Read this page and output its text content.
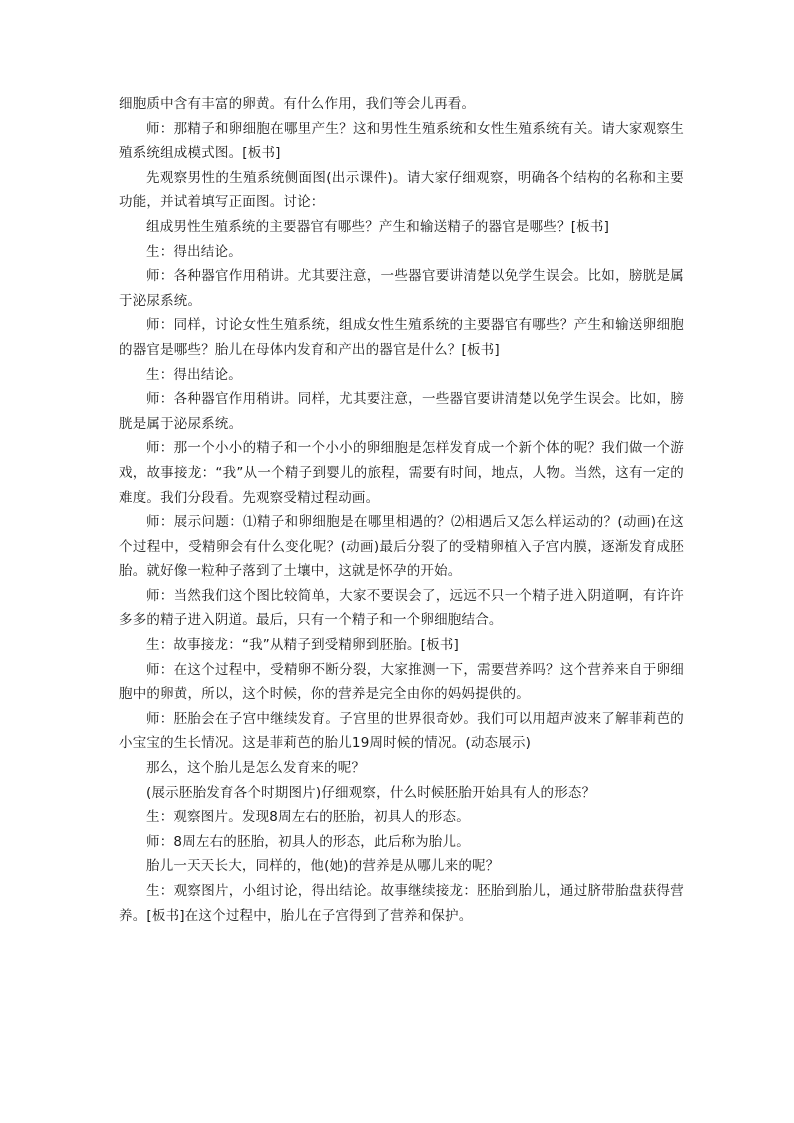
细胞质中含有丰富的卵黄。有什么作用，我们等会儿再看。

师：那精子和卵细胞在哪里产生？这和男性生殖系统和女性生殖系统有关。请大家观察生殖系统组成模式图。[板书]

先观察男性的生殖系统侧面图(出示课件)。请大家仔细观察，明确各个结构的名称和主要功能，并试着填写正面图。讨论：

组成男性生殖系统的主要器官有哪些？产生和输送精子的器官是哪些？[板书]

生：得出结论。

师：各种器官作用稍讲。尤其要注意，一些器官要讲清楚以免学生误会。比如，膀胱是属于泌尿系统。

师：同样，讨论女性生殖系统，组成女性生殖系统的主要器官有哪些？产生和输送卵细胞的器官是哪些？胎儿在母体内发育和产出的器官是什么？[板书]

生：得出结论。

师：各种器官作用稍讲。同样，尤其要注意，一些器官要讲清楚以免学生误会。比如，膀胱是属于泌尿系统。

师：那一个小小的精子和一个小小的卵细胞是怎样发育成一个新个体的呢？我们做一个游戏，故事接龙：“我”从一个精子到婴儿的旅程，需要有时间，地点，人物。当然，这有一定的难度。我们分段看。先观察受精过程动画。

师：展示问题：⑴精子和卵细胞是在哪里相遇的？⑵相遇后又怎么样运动的？(动画)在这个过程中，受精卵会有什么变化呢？(动画)最后分裂了的受精卵植入子宫内膜，逐渐发育成胚胎。就好像一粒种子落到了土壤中，这就是怀孕的开始。

师：当然我们这个图比较简单，大家不要误会了，远远不只一个精子进入阴道啊，有许许多多的精子进入阴道。最后，只有一个精子和一个卵细胞结合。

生：故事接龙：“我”从精子到受精卵到胚胎。[板书]

师：在这个过程中，受精卵不断分裂，大家推测一下，需要营养吗？这个营养来自于卵细胞中的卵黄，所以，这个时候，你的营养是完全由你的妈妈提供的。

师：胚胎会在子宫中继续发育。子宫里的世界很奇妙。我们可以用超声波来了解菲莉芭的小宝宝的生长情况。这是菲莉芭的胎儿19周时候的情况。(动态展示)

那么，这个胎儿是怎么发育来的呢？

(展示胚胎发育各个时期图片)仔细观察，什么时候胚胎开始具有人的形态？

生：观察图片。发现8周左右的胚胎，初具人的形态。

师：8周左右的胚胎，初具人的形态，此后称为胎儿。

胎儿一天天长大，同样的，他(她)的营养是从哪儿来的呢？

生：观察图片，小组讨论，得出结论。故事继续接龙：胚胎到胎儿，通过脐带胎盘获得营养。[板书]在这个过程中，胎儿在子宫得到了营养和保护。
